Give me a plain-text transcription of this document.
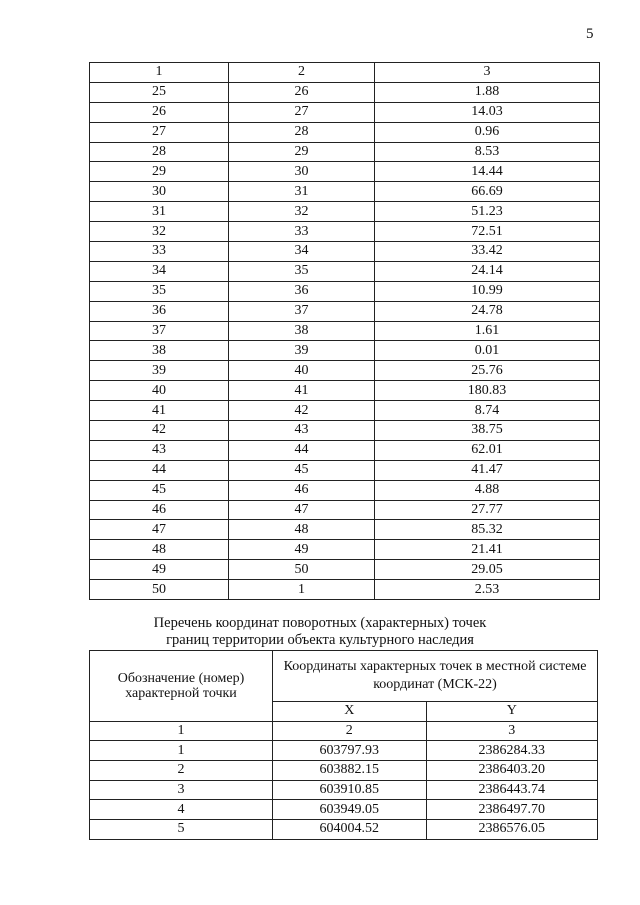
5
1	2	3
25	26	1.88
26	27	14.03
27	28	0.96
28	29	8.53
29	30	14.44
30	31	66.69
31	32	51.23
32	33	72.51
33	34	33.42
34	35	24.14
35	36	10.99
36	37	24.78
37	38	1.61
38	39	0.01
39	40	25.76
40	41	180.83
41	42	8.74
42	43	38.75
43	44	62.01
44	45	41.47
45	46	4.88
46	47	27.77
47	48	85.32
48	49	21.41
49	50	29.05
50	1	2.53
Перечень координат поворотных (характерных) точек
границ территории объекта культурного наследия
Обозначение (номер) характерной точки	Координаты характерных точек в местной системе координат (МСК-22)	
	X	Y
1	2	3
1	603797.93	2386284.33
2	603882.15	2386403.20
3	603910.85	2386443.74
4	603949.05	2386497.70
5	604004.52	2386576.05
